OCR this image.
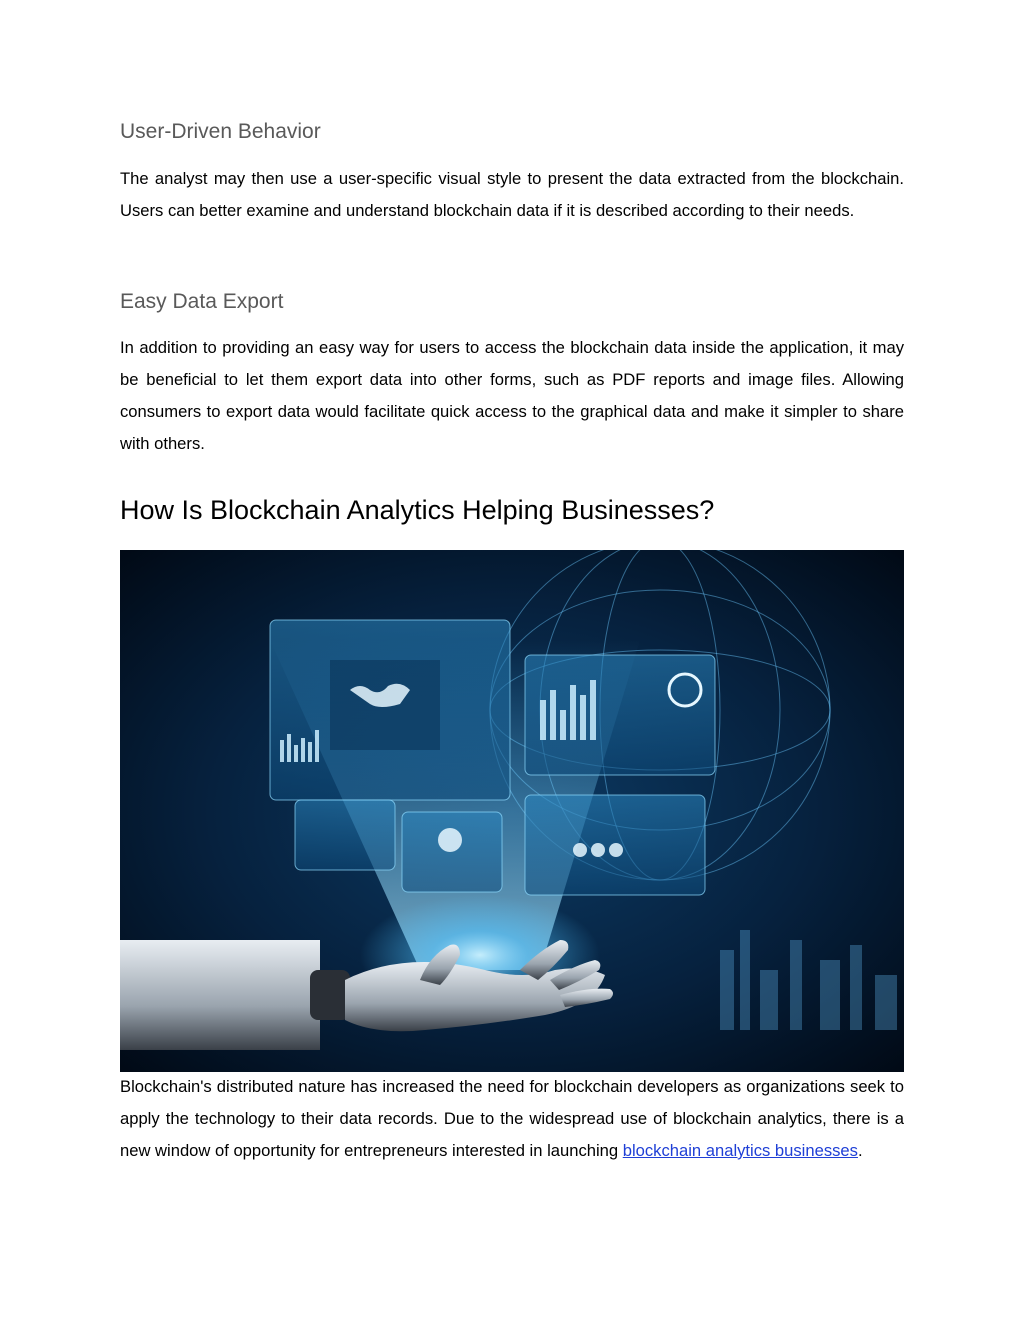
User-Driven Behavior

The analyst may then use a user-specific visual style to present the data extracted from the blockchain. Users can better examine and understand blockchain data if it is described according to their needs.

Easy Data Export

In addition to providing an easy way for users to access the blockchain data inside the application, it may be beneficial to let them export data into other forms, such as PDF reports and image files. Allowing consumers to export data would facilitate quick access to the graphical data and make it simpler to share with others.

How Is Blockchain Analytics Helping Businesses?

Blockchain's distributed nature has increased the need for blockchain developers as organizations seek to apply the technology to their data records. Due to the widespread use of blockchain analytics, there is a new window of opportunity for entrepreneurs interested in launching blockchain analytics businesses.
